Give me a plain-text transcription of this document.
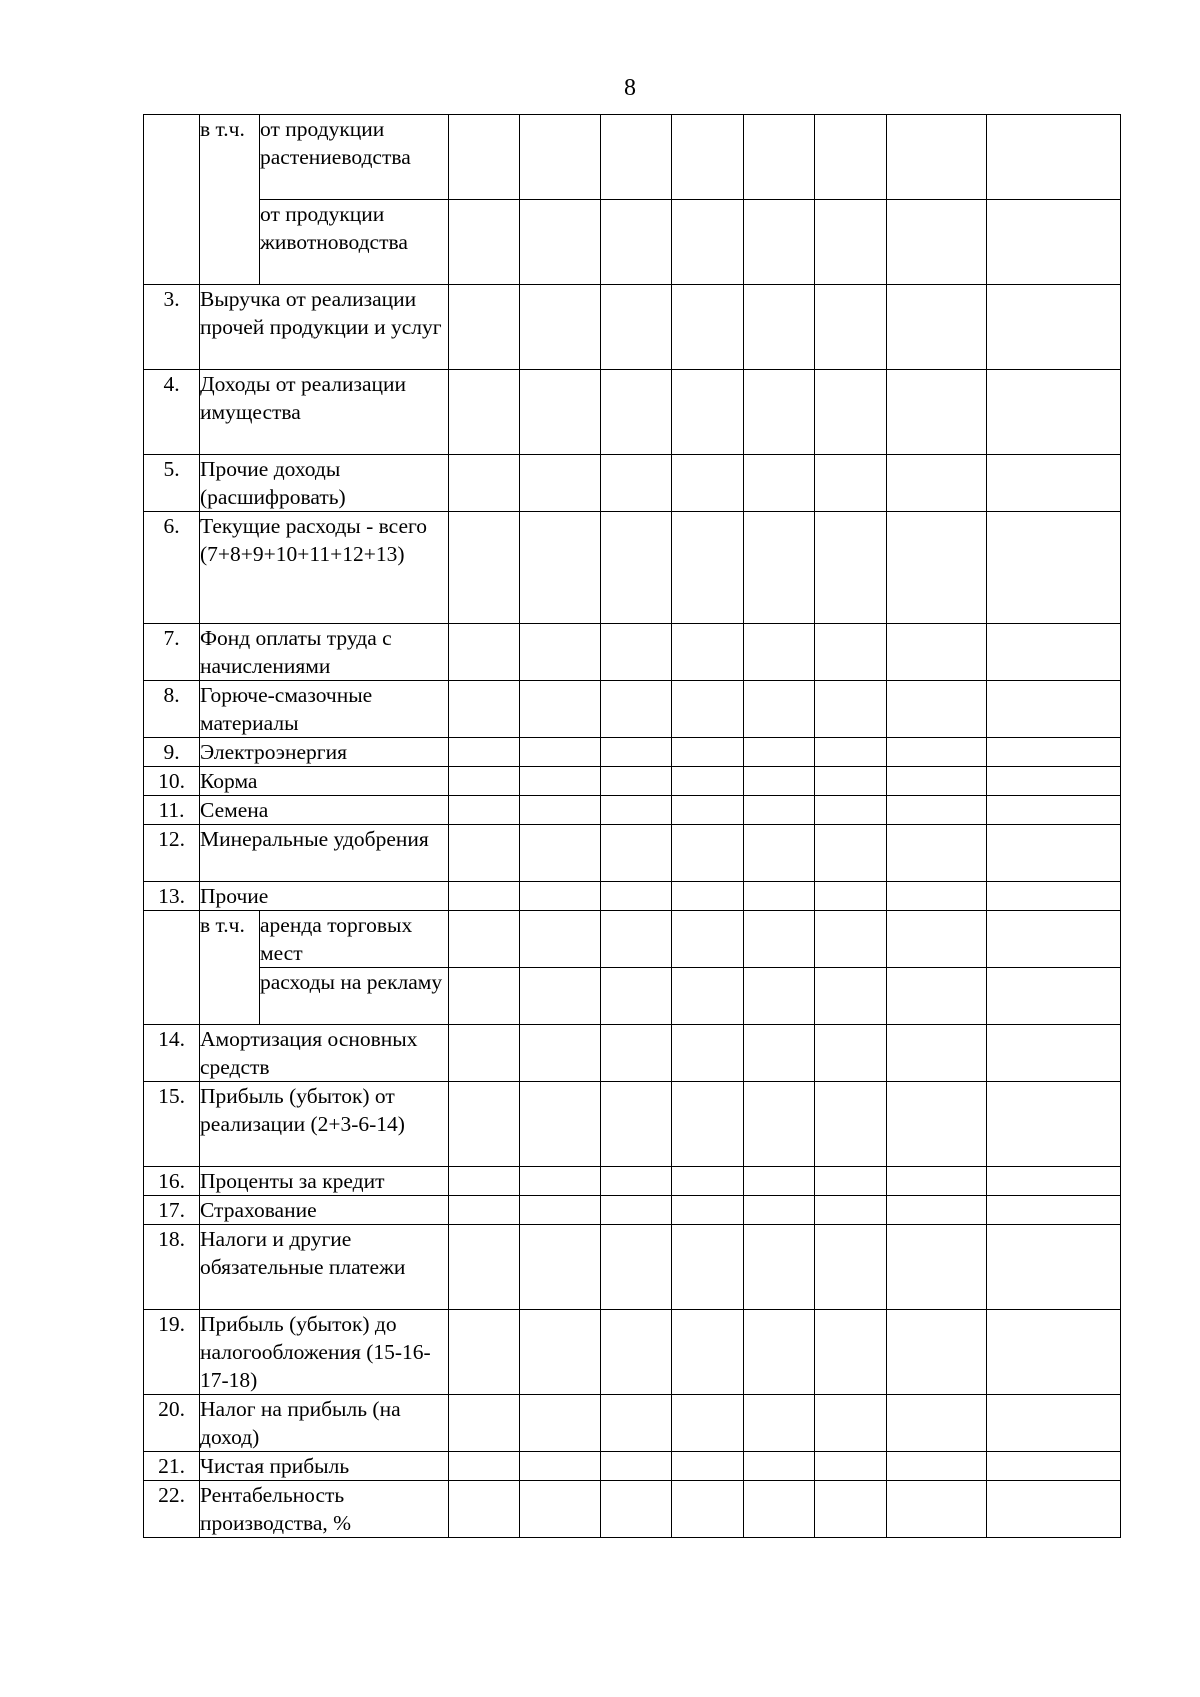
8
	в т.ч.	от продукции растениеводства									
		от продукции животноводства									
3.	Выручка от реализации прочей продукции и услуг										
4.	Доходы от реализации имущества										
5.	Прочие доходы (расшифровать)										
6.	Текущие расходы - всего (7+8+9+10+11+12+13)										
7.	Фонд оплаты труда с начислениями										
8.	Горюче-смазочные материалы										
9.	Электроэнергия										
10.	Корма										
11.	Семена										
12.	Минеральные удобрения										
13.	Прочие										
	в т.ч.	аренда торговых мест									
		расходы на рекламу									
14.	Амортизация основных средств										
15.	Прибыль (убыток) от реализации (2+3-6-14)										
16.	Проценты за кредит										
17.	Страхование										
18.	Налоги и другие обязательные платежи										
19.	Прибыль (убыток) до налогообложения (15-16-17-18)										
20.	Налог на прибыль (на доход)										
21.	Чистая прибыль										
22.	Рентабельность производства, %										
